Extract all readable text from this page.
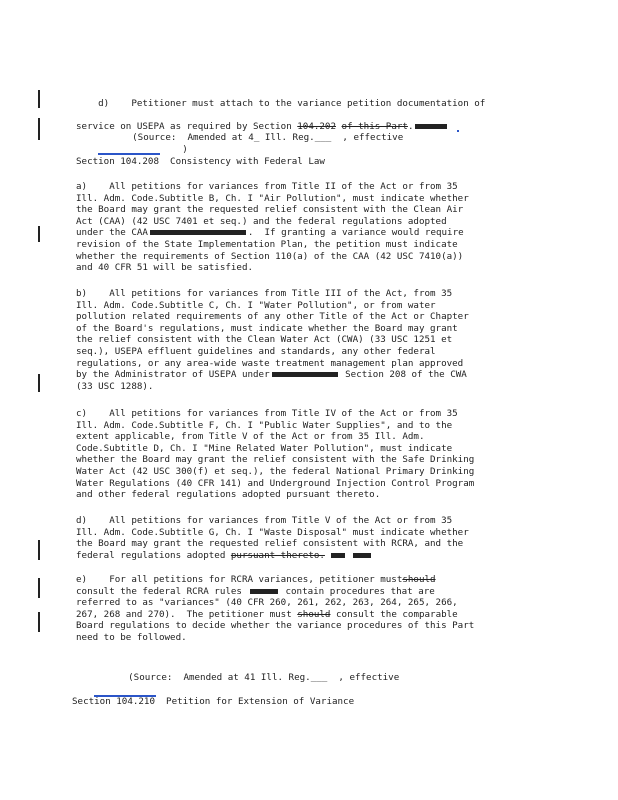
d)    Petitioner must attach to the variance petition documentation of

service on USEPA as required by Section 104.202 of this Part.

(Source:  Amended at 4_ Ill. Reg.___ , effective

)

Section 104.208  Consistency with Federal Law
a)    All petitions for variances from Title II of the Act or from 35
Ill. Adm. Code.Subtitle B, Ch. I "Air Pollution", must indicate whether
the Board may grant the requested relief consistent with the Clean Air
Act (CAA) (42 USC 7401 et seq.) and the federal regulations adopted
under the CAA	.  If granting a variance would require
revision of the State Implementation Plan, the petition must indicate
whether the requirements of Section 110(a) of the CAA (42 USC 7410(a))
and 40 CFR 51 will be satisfied.
b)    All petitions for variances from Title III of the Act, from 35
Ill. Adm. Code.Subtitle C, Ch. I "Water Pollution", or from water
pollution related requirements of any other Title of the Act or Chapter
of the Board's regulations, must indicate whether the Board may grant
the relief consistent with the Clean Water Act (CWA) (33 USC 1251 et
seq.), USEPA effluent guidelines and standards, any other federal
regulations, or any area-wide waste treatment management plan approved
by the Administrator of USEPA under	Section 208 of the CWA
(33 USC 1288).
c)    All petitions for variances from Title IV of the Act or from 35
Ill. Adm. Code.Subtitle F, Ch. I "Public Water Supplies", and to the
extent applicable, from Title V of the Act or from 35 Ill. Adm.
Code.Subtitle D, Ch. I "Mine Related Water Pollution", must indicate
whether the Board may grant the relief consistent with the Safe Drinking
Water Act (42 USC 300(f) et seq.), the federal National Primary Drinking
Water Regulations (40 CFR 141) and Underground Injection Control Program
and other federal regulations adopted pursuant thereto.
d)    All petitions for variances from Title V of the Act or from 35
Ill. Adm. Code.Subtitle G, Ch. I "Waste Disposal" must indicate whether
the Board may grant the requested relief consistent with RCRA, and the
federal regulations adopted pursuant thereto.
e)    For all petitions for RCRA variances, petitioner mustshould
consult the federal RCRA rules	contain procedures that are
referred to as "variances" (40 CFR 260, 261, 262, 263, 264, 265, 266,
267, 268 and 270).  The petitioner must should consult the comparable
Board regulations to decide whether the variance procedures of this Part
need to be followed.

(Source:  Amended at 41 Ill. Reg.___ , effective

Section 104.210  Petition for Extension of Variance
